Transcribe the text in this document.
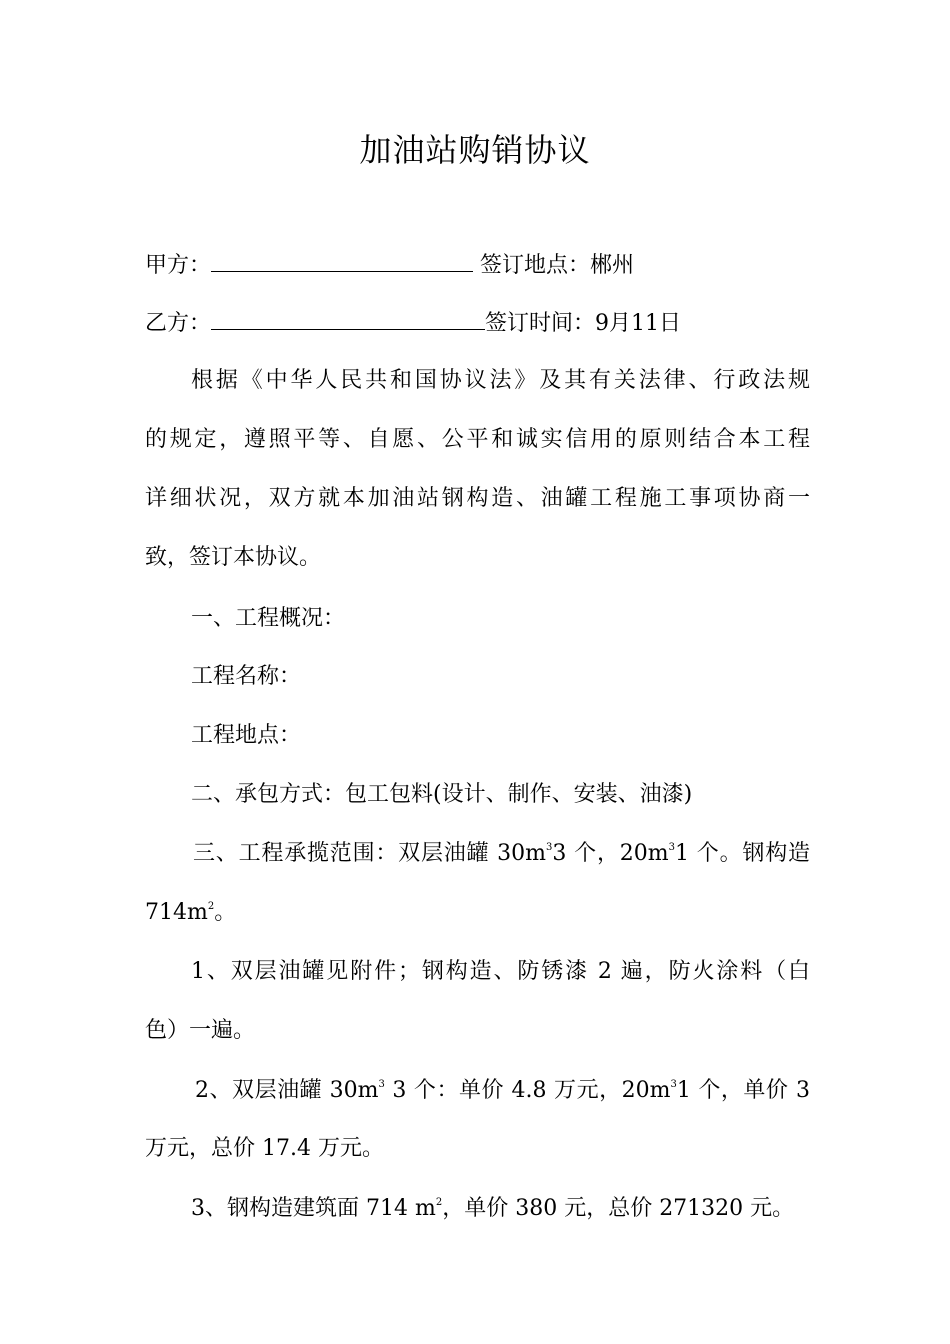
加油站购销协议
甲方：	签订地点：郴州
乙方：	签订时间：9月11日
根据《中华人民共和国协议法》及其有关法律、行政法规
的规定，遵照平等、自愿、公平和诚实信用的原则结合本工程
详细状况，双方就本加油站钢构造、油罐工程施工事项协商一
致，签订本协议。
一、工程概况：
工程名称：
工程地点：
二、承包方式：包工包料(设计、制作、安装、油漆)
三、工程承揽范围：双层油罐 $30m^33$ 个，$20m^31$ 个。钢构造
$714m^2$。
1、双层油罐见附件；钢构造、防锈漆 2 遍，防火涂料（白
色）一遍。
2、双层油罐 $30m^3$ 3 个：单价 4.8 万元，$20m^31$ 个，单价 3
万元，总价 17.4 万元。
3、钢构造建筑面 714 $m^2$，单价 380 元，总价 271320 元。
